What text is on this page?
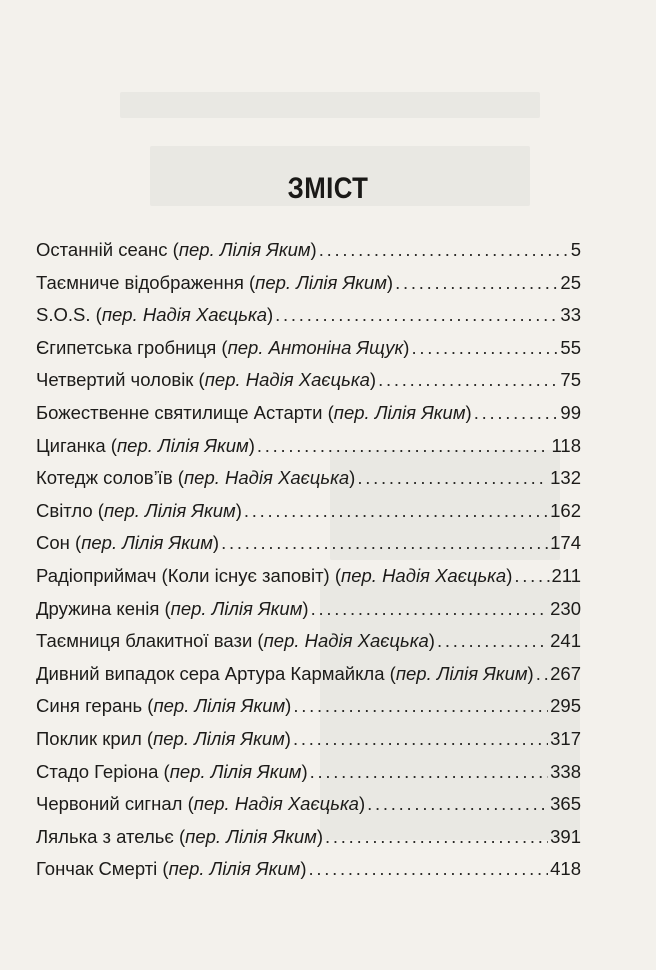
ЗМІСТ
Останній сеанс (пер. Лілія Яким) . . .	5
Таємниче відображення (пер. Лілія Яким) . . .	25
S.O.S. (пер. Надія Хаєцька) . . .	33
Єгипетська гробниця (пер. Антоніна Ящук) . . .	55
Четвертий чоловік (пер. Надія Хаєцька) . . .	75
Божественне святилище Астарти (пер. Лілія Яким) . . .	99
Циганка (пер. Лілія Яким) . . .	118
Котедж солов’їв (пер. Надія Хаєцька) . . .	132
Світло (пер. Лілія Яким) . . .	162
Сон (пер. Лілія Яким) . . .	174
Радіоприймач (Коли існує заповіт) (пер. Надія Хаєцька) . . . 211
Дружина кенія (пер. Лілія Яким) . . .	230
Таємниця блакитної вази (пер. Надія Хаєцька) . . .	241
Дивний випадок сера Артура Кармайкла (пер. Лілія Яким) . . . 267
Синя герань (пер. Лілія Яким) . . .	295
Поклик крил (пер. Лілія Яким) . . .	317
Стадо Геріона (пер. Лілія Яким) . . .	338
Червоний сигнал (пер. Надія Хаєцька) . . .	365
Лялька з ательє (пер. Лілія Яким) . . .	391
Гончак Смерті (пер. Лілія Яким) . . .	418
